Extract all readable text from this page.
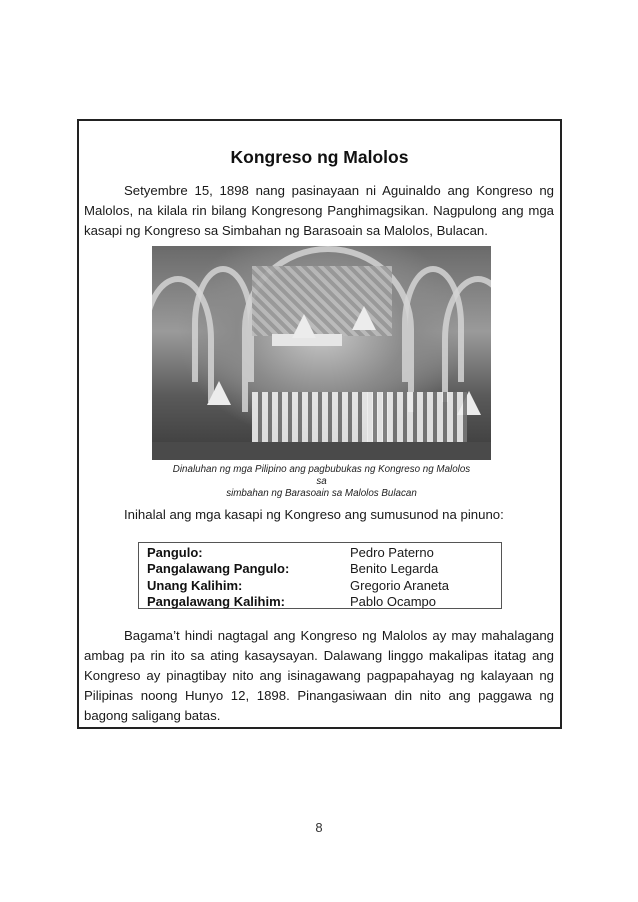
Kongreso ng Malolos

Setyembre 15, 1898 nang pasinayaan ni Aguinaldo ang Kongreso ng Malolos, na kilala rin bilang Kongresong Panghimagsikan. Nagpulong ang mga kasapi ng Kongreso sa Simbahan ng Barasoain sa Malolos, Bulacan.

Dinaluhan ng mga Pilipino ang pagbubukas ng Kongreso ng Malolos sa
simbahan ng Barasoain sa Malolos Bulacan
Inihalal ang mga kasapi ng Kongreso ang sumusunod na pinuno:
Pangulo:	Pedro Paterno
Pangalawang Pangulo:	Benito Legarda
Unang Kalihim:	Gregorio Araneta
Pangalawang Kalihim:	Pablo Ocampo

Bagama’t hindi nagtagal ang Kongreso ng Malolos ay may mahalagang ambag pa rin ito sa ating kasaysayan. Dalawang linggo makalipas itatag ang Kongreso ay pinagtibay nito ang isinagawang pagpapahayag ng kalayaan ng Pilipinas noong Hunyo 12, 1898. Pinangasiwaan din nito ang paggawa ng bagong saligang batas.

8
